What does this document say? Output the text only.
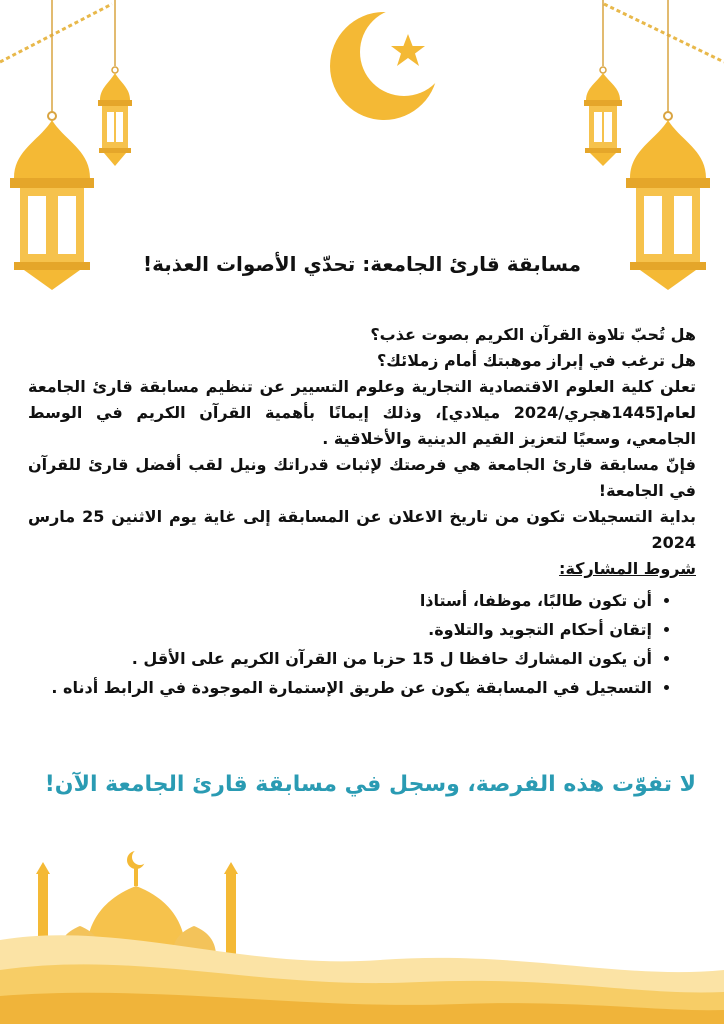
مسابقة قارئ الجامعة: تحدّي الأصوات العذبة!

هل تُحبّ تلاوة القرآن الكريم بصوت عذب؟

هل ترغب في إبراز موهبتك أمام زملائك؟

تعلن كلية العلوم الاقتصادية التجارية وعلوم التسيير عن تنظيم مسابقة قارئ الجامعة لعام[1445هجري/2024 ميلادي]، وذلك إيمانًا بأهمية القرآن الكريم في الوسط الجامعي، وسعيًا لتعزيز القيم الدينية والأخلاقية .

فإنّ مسابقة قارئ الجامعة هي فرصتك لإثبات قدراتك ونيل لقب أفضل قارئ للقرآن في الجامعة!

بداية التسجيلات تكون من تاريخ الاعلان عن المسابقة إلى غاية يوم الاثنين 25 مارس 2024

شروط المشاركة:

• أن تكون طالبًا، موظفا، أستاذا
• إتقان أحكام التجويد والتلاوة.
• أن يكون المشارك حافظا ل 15 حزبا من القرآن الكريم على الأقل .
• التسجيل في المسابقة يكون عن طريق الإستمارة الموجودة في الرابط أدناه .
لا تفوّت هذه الفرصة، وسجل في مسابقة قارئ الجامعة الآن!
